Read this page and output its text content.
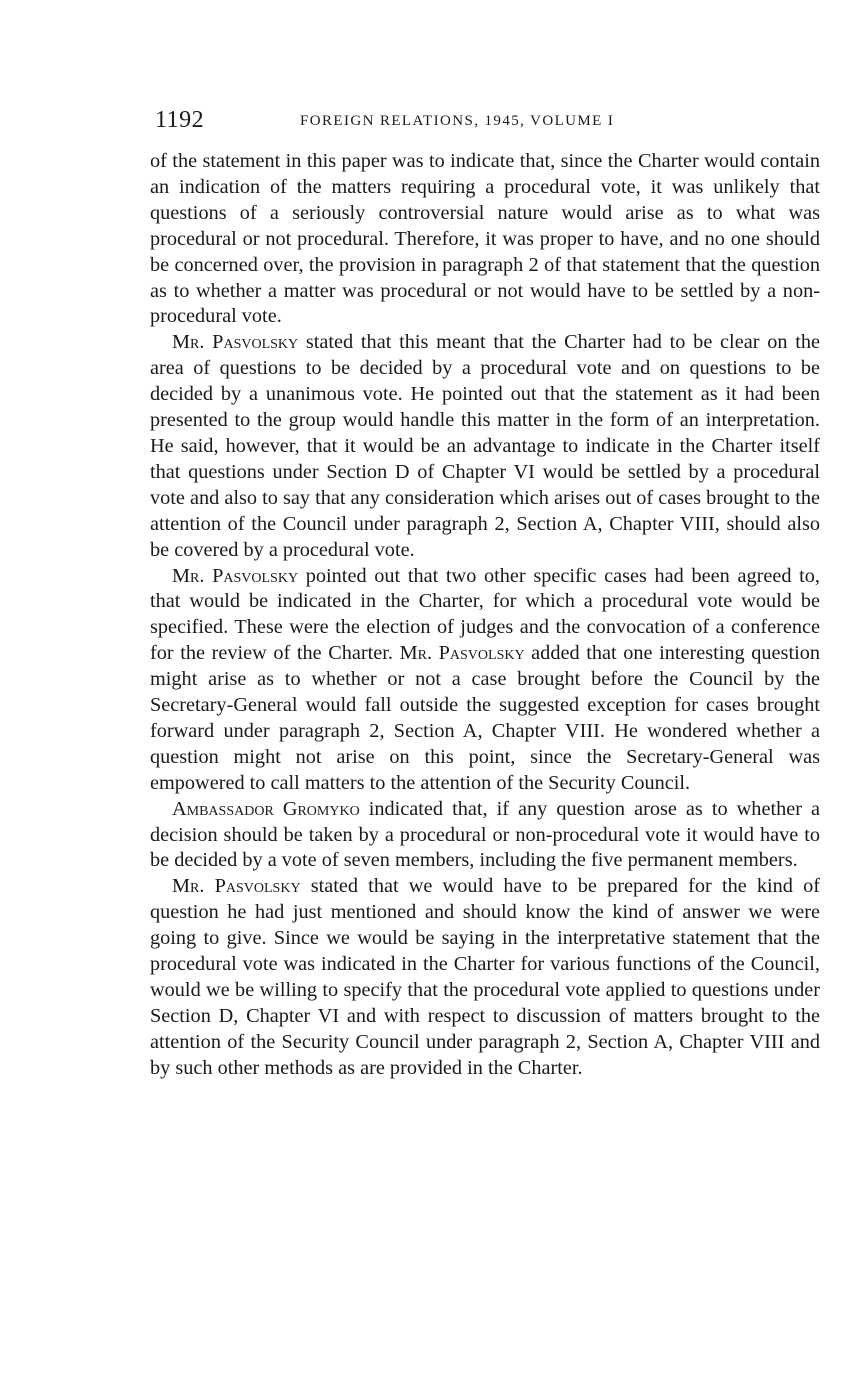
1192	FOREIGN RELATIONS, 1945, VOLUME I

of the statement in this paper was to indicate that, since the Charter would contain an indication of the matters requiring a procedural vote, it was unlikely that questions of a seriously controversial nature would arise as to what was procedural or not procedural. Therefore, it was proper to have, and no one should be concerned over, the provision in paragraph 2 of that statement that the question as to whether a matter was procedural or not would have to be settled by a nonprocedural vote.

Mr. Pasvolsky stated that this meant that the Charter had to be clear on the area of questions to be decided by a procedural vote and on questions to be decided by a unanimous vote. He pointed out that the statement as it had been presented to the group would handle this matter in the form of an interpretation. He said, however, that it would be an advantage to indicate in the Charter itself that questions under Section D of Chapter VI would be settled by a procedural vote and also to say that any consideration which arises out of cases brought to the attention of the Council under paragraph 2, Section A, Chapter VIII, should also be covered by a procedural vote.

Mr. Pasvolsky pointed out that two other specific cases had been agreed to, that would be indicated in the Charter, for which a procedural vote would be specified. These were the election of judges and the convocation of a conference for the review of the Charter. Mr. Pasvolsky added that one interesting question might arise as to whether or not a case brought before the Council by the Secretary-General would fall outside the suggested exception for cases brought forward under paragraph 2, Section A, Chapter VIII. He wondered whether a question might not arise on this point, since the Secretary-General was empowered to call matters to the attention of the Security Council.

Ambassador Gromyko indicated that, if any question arose as to whether a decision should be taken by a procedural or non-procedural vote it would have to be decided by a vote of seven members, including the five permanent members.

Mr. Pasvolsky stated that we would have to be prepared for the kind of question he had just mentioned and should know the kind of answer we were going to give. Since we would be saying in the interpretative statement that the procedural vote was indicated in the Charter for various functions of the Council, would we be willing to specify that the procedural vote applied to questions under Section D, Chapter VI and with respect to discussion of matters brought to the attention of the Security Council under paragraph 2, Section A, Chapter VIII and by such other methods as are provided in the Charter.
